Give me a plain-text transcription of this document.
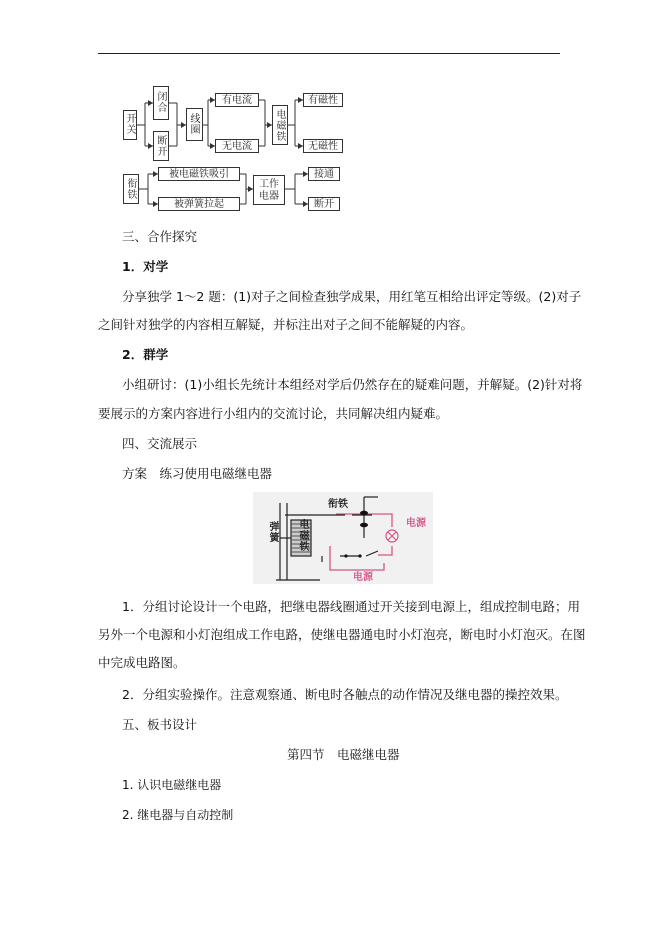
开关
闭合
断开
线圈
有电流
无电流
电磁铁
有磁性
无磁性
衔铁
被电磁铁吸引
被弹簧拉起
工作电器
接通
断开
三、合作探究
1．对学
分享独学 1～2 题：(1)对子之间检查独学成果，用红笔互相给出评定等级。(2)对子
之间针对独学的内容相互解疑，并标注出对子之间不能解疑的内容。
2．群学
小组研讨：(1)小组长先统计本组经对学后仍然存在的疑难问题，并解疑。(2)针对将
要展示的方案内容进行小组内的交流讨论，共同解决组内疑难。
四、交流展示
方案　练习使用电磁继电器
衔铁
弹簧 电磁铁	电源
电源
1．分组讨论设计一个电路，把继电器线圈通过开关接到电源上，组成控制电路；用
另外一个电源和小灯泡组成工作电路，使继电器通电时小灯泡亮，断电时小灯泡灭。在图
中完成电路图。
2．分组实验操作。注意观察通、断电时各触点的动作情况及继电器的操控效果。
五、板书设计
第四节　电磁继电器
1. 认识电磁继电器
2. 继电器与自动控制
